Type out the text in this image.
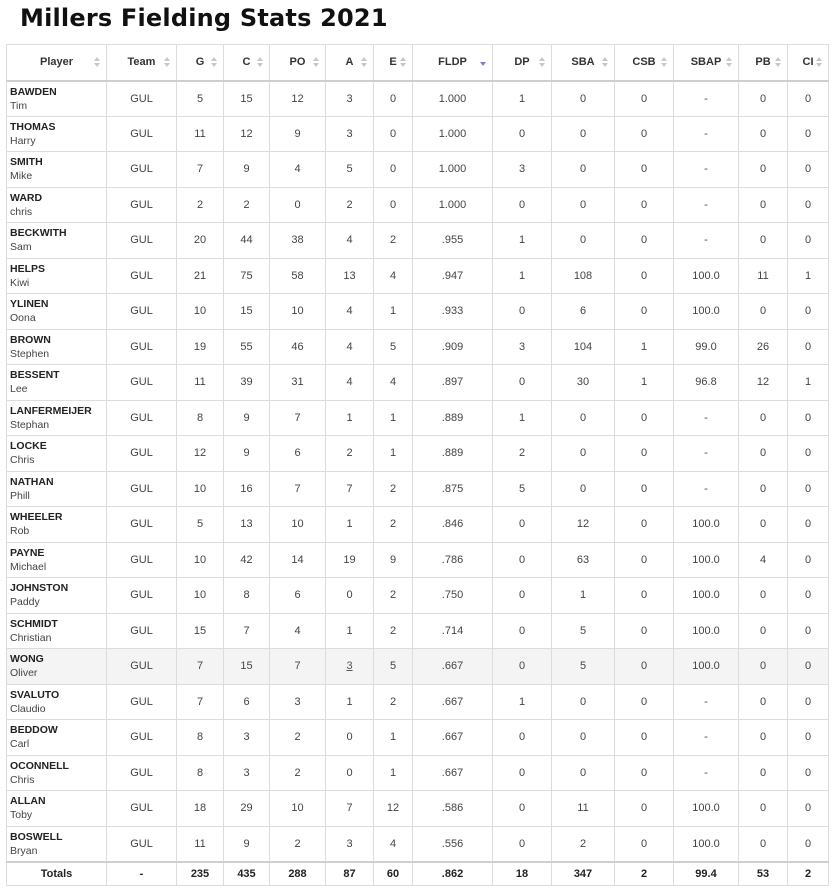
Millers Fielding Stats 2021
Player	Team	G	C	PO	A	E	FLDP	DP	SBA	CSB	SBAP	PB	CI

BAWDEN
Tim	GUL	5	15	12	3	0	1.000	1	0	0	-	0	0

THOMAS
Harry	GUL	11	12	9	3	0	1.000	0	0	0	-	0	0

SMITH
Mike	GUL	7	9	4	5	0	1.000	3	0	0	-	0	0

WARD
chris	GUL	2	2	0	2	0	1.000	0	0	0	-	0	0

BECKWITH
Sam	GUL	20	44	38	4	2	.955	1	0	0	-	0	0

HELPS
Kiwi	GUL	21	75	58	13	4	.947	1	108	0	100.0	11	1

YLINEN
Oona	GUL	10	15	10	4	1	.933	0	6	0	100.0	0	0

BROWN
Stephen	GUL	19	55	46	4	5	.909	3	104	1	99.0	26	0

BESSENT
Lee	GUL	11	39	31	4	4	.897	0	30	1	96.8	12	1

LANFERMEIJER
Stephan	GUL	8	9	7	1	1	.889	1	0	0	-	0	0

LOCKE
Chris	GUL	12	9	6	2	1	.889	2	0	0	-	0	0

NATHAN
Phill	GUL	10	16	7	7	2	.875	5	0	0	-	0	0

WHEELER
Rob	GUL	5	13	10	1	2	.846	0	12	0	100.0	0	0

PAYNE
Michael	GUL	10	42	14	19	9	.786	0	63	0	100.0	4	0

JOHNSTON
Paddy	GUL	10	8	6	0	2	.750	0	1	0	100.0	0	0

SCHMIDT
Christian	GUL	15	7	4	1	2	.714	0	5	0	100.0	0	0

WONG
Oliver	GUL	7	15	7	3	5	.667	0	5	0	100.0	0	0

SVALUTO
Claudio	GUL	7	6	3	1	2	.667	1	0	0	-	0	0

BEDDOW
Carl	GUL	8	3	2	0	1	.667	0	0	0	-	0	0

OCONNELL
Chris	GUL	8	3	2	0	1	.667	0	0	0	-	0	0

ALLAN
Toby	GUL	18	29	10	7	12	.586	0	11	0	100.0	0	0

BOSWELL
Bryan	GUL	11	9	2	3	4	.556	0	2	0	100.0	0	0
Totals	-	235	435	288	87	60	.862	18	347	2	99.4	53	2
